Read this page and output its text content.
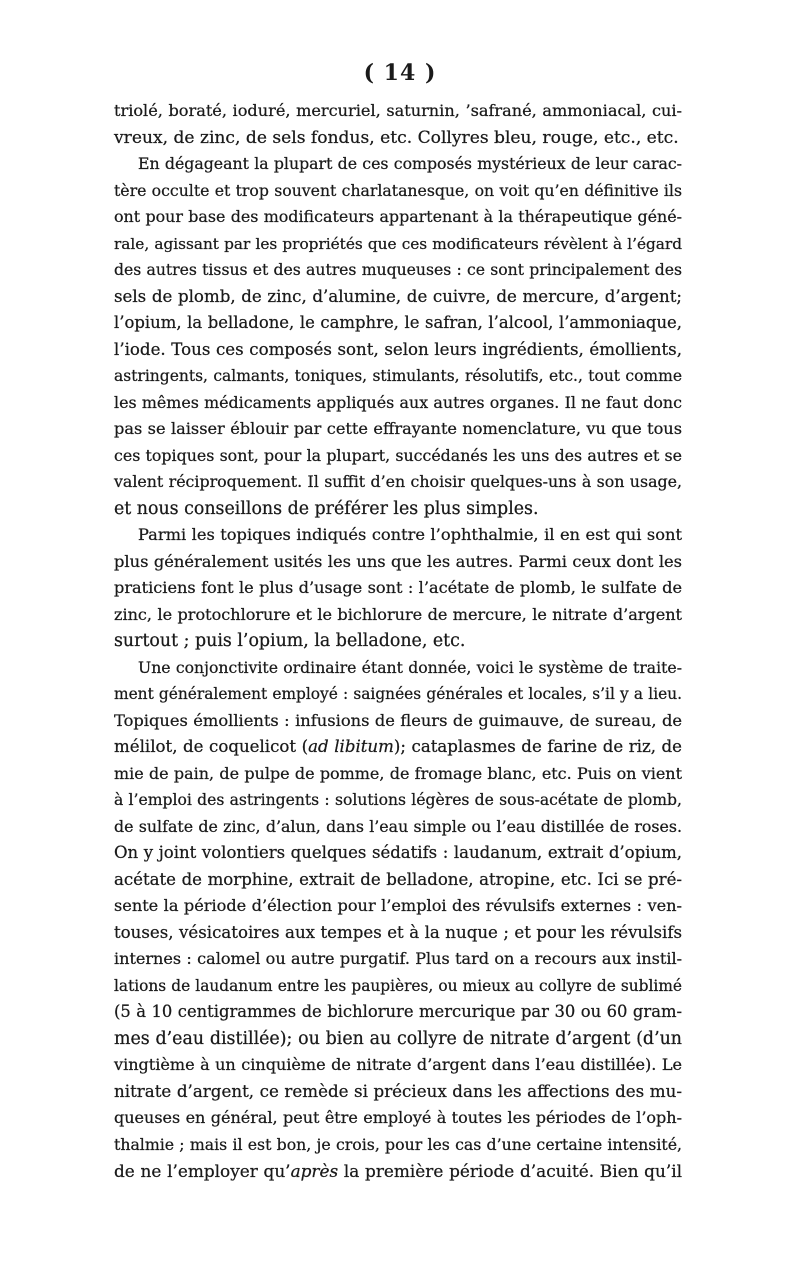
( 14 )
triolé, boraté, ioduré, mercuriel, saturnin, ’safrané, ammoniacal, cui-
vreux, de zinc, de sels fondus, etc. Collyres bleu, rouge, etc., etc.
En dégageant la plupart de ces composés mystérieux de leur carac-
tère occulte et trop souvent charlatanesque, on voit qu’en définitive ils
ont pour base des modificateurs appartenant à la thérapeutique géné-
rale, agissant par les propriétés que ces modificateurs révèlent à l’égard
des autres tissus et des autres muqueuses : ce sont principalement des
sels de plomb, de zinc, d’alumine, de cuivre, de mercure, d’argent;
l’opium, la belladone, le camphre, le safran, l’alcool, l’ammoniaque,
l’iode. Tous ces composés sont, selon leurs ingrédients, émollients,
astringents, calmants, toniques, stimulants, résolutifs, etc., tout comme
les mêmes médicaments appliqués aux autres organes. Il ne faut donc
pas se laisser éblouir par cette effrayante nomenclature, vu que tous
ces topiques sont, pour la plupart, succédanés les uns des autres et se
valent réciproquement. Il suffit d’en choisir quelques-uns à son usage,
et nous conseillons de préférer les plus simples.
Parmi les topiques indiqués contre l’ophthalmie, il en est qui sont
plus généralement usités les uns que les autres. Parmi ceux dont les
praticiens font le plus d’usage sont : l’acétate de plomb, le sulfate de
zinc, le protochlorure et le bichlorure de mercure, le nitrate d’argent
surtout ; puis l’opium, la belladone, etc.
Une conjonctivite ordinaire étant donnée, voici le système de traite-
ment généralement employé : saignées générales et locales, s’il y a lieu.
Topiques émollients : infusions de fleurs de guimauve, de sureau, de
mélilot, de coquelicot (ad libitum); cataplasmes de farine de riz, de
mie de pain, de pulpe de pomme, de fromage blanc, etc. Puis on vient
à l’emploi des astringents : solutions légères de sous-acétate de plomb,
de sulfate de zinc, d’alun, dans l’eau simple ou l’eau distillée de roses.
On y joint volontiers quelques sédatifs : laudanum, extrait d’opium,
acétate de morphine, extrait de belladone, atropine, etc. Ici se pré-
sente la période d’élection pour l’emploi des révulsifs externes : ven-
touses, vésicatoires aux tempes et à la nuque ; et pour les révulsifs
internes : calomel ou autre purgatif. Plus tard on a recours aux instil-
lations de laudanum entre les paupières, ou mieux au collyre de sublimé
(5 à 10 centigrammes de bichlorure mercurique par 30 ou 60 gram-
mes d’eau distillée); ou bien au collyre de nitrate d’argent (d’un
vingtième à un cinquième de nitrate d’argent dans l’eau distillée). Le
nitrate d’argent, ce remède si précieux dans les affections des mu-
queuses en général, peut être employé à toutes les périodes de l’oph-
thalmie ; mais il est bon, je crois, pour les cas d’une certaine intensité,
de ne l’employer qu’après la première période d’acuité. Bien qu’il
